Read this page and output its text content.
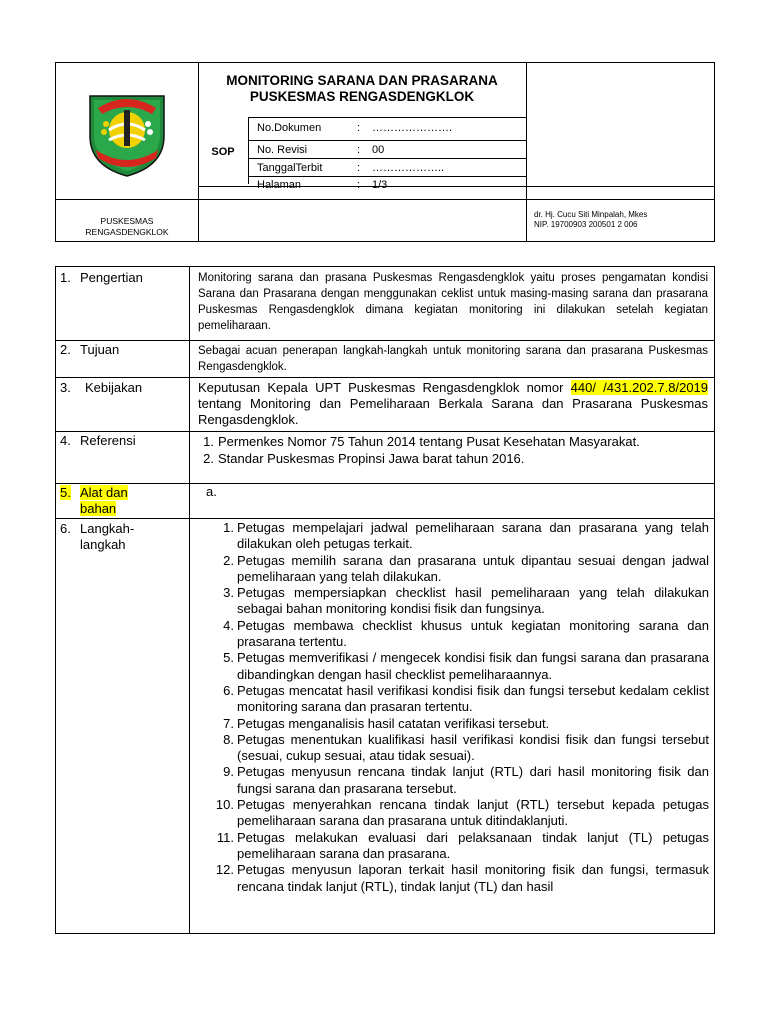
MONITORING SARANA DAN PRASARANA
PUSKESMAS RENGASDENGKLOK
SOP
No.Dokumen	:	………………….
No. Revisi	:	00
TanggalTerbit	:	………………..
Halaman	:	1/3
PUSKESMAS
RENGASDENGKLOK
dr. Hj. Cucu Siti Minpalah, Mkes
NIP. 19700903 200501 2 006
1. Pengertian	Monitoring sarana dan prasana Puskesmas Rengasdengklok yaitu proses pengamatan kondisi Sarana dan Prasarana dengan menggunakan ceklist untuk masing-masing sarana dan prasarana Puskesmas Rengasdengklok dimana kegiatan monitoring ini dilakukan setelah kegiatan pemeliharaan.
2. Tujuan	Sebagai acuan penerapan langkah-langkah untuk monitoring sarana dan prasarana Puskesmas Rengasdengklok.
3.	Kebijakan	Keputusan Kepala UPT Puskesmas Rengasdengklok nomor 440/ /431.202.7.8/2019 tentang Monitoring dan Pemeliharaan Berkala Sarana dan Prasarana Puskesmas Rengasdengklok.
4. Referensi	1. Permenkes Nomor 75 Tahun 2014 tentang Pusat Kesehatan Masyarakat.
2. Standar Puskesmas Propinsi Jawa barat tahun 2016.
5. Alat dan
bahan
a.
6. Langkah-
langkah
1. Petugas mempelajari jadwal pemeliharaan sarana dan prasarana yang telah dilakukan oleh petugas terkait.
2. Petugas memilih sarana dan prasarana untuk dipantau sesuai dengan jadwal pemeliharaan yang telah dilakukan.
3. Petugas mempersiapkan checklist hasil pemeliharaan yang telah dilakukan sebagai bahan monitoring kondisi fisik dan fungsinya.
4. Petugas membawa checklist khusus untuk kegiatan monitoring sarana dan prasarana tertentu.
5. Petugas memverifikasi / mengecek kondisi fisik dan fungsi sarana dan prasarana dibandingkan dengan hasil checklist pemeliharaannya.
6. Petugas mencatat hasil verifikasi kondisi fisik dan fungsi tersebut kedalam ceklist monitoring sarana dan prasaran tertentu.
7. Petugas menganalisis hasil catatan verifikasi tersebut.
8. Petugas menentukan kualifikasi hasil verifikasi kondisi fisik dan fungsi tersebut (sesuai, cukup sesuai, atau tidak sesuai).
9. Petugas menyusun rencana tindak lanjut (RTL) dari hasil monitoring fisik dan fungsi sarana dan prasarana tersebut.
10. Petugas menyerahkan rencana tindak lanjut (RTL) tersebut kepada petugas pemeliharaan sarana dan prasarana untuk ditindaklanjuti.
11. Petugas melakukan evaluasi dari pelaksanaan tindak lanjut (TL) petugas pemeliharaan sarana dan prasarana.
12. Petugas menyusun laporan terkait hasil monitoring fisik dan fungsi, termasuk rencana tindak lanjut (RTL), tindak lanjut (TL) dan hasil
